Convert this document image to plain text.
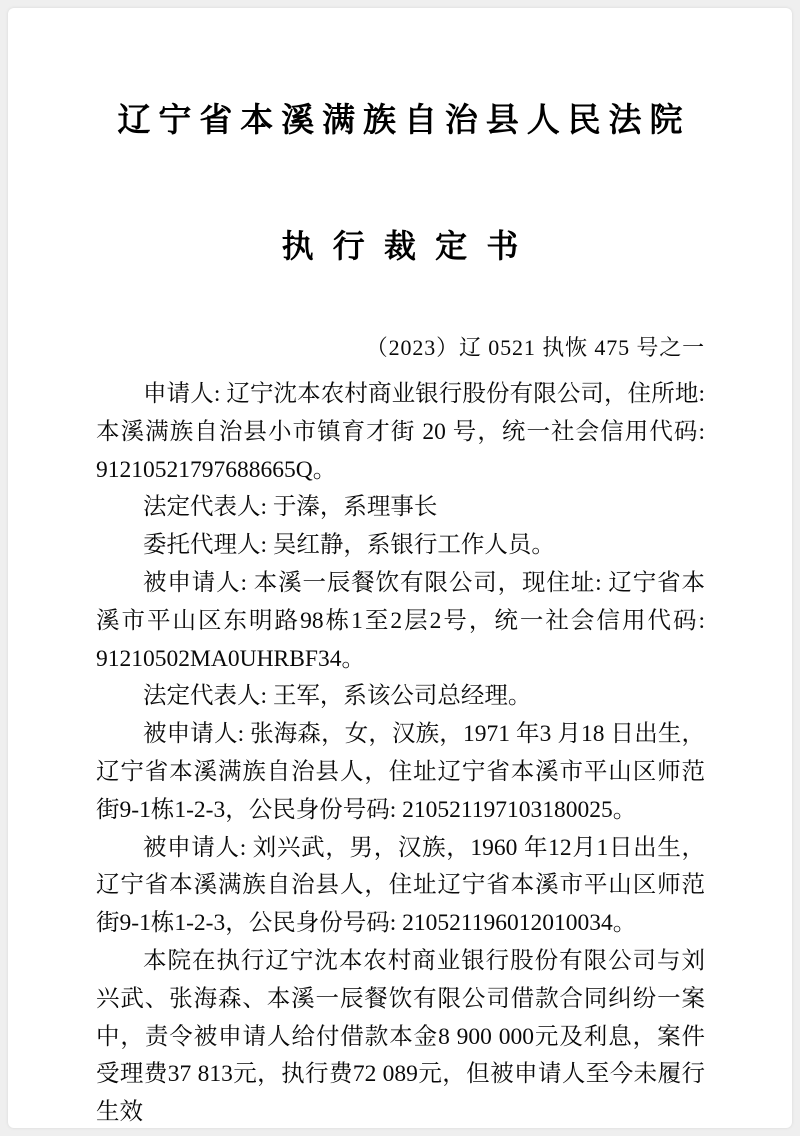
辽宁省本溪满族自治县人民法院
执行裁定书
（2023）辽 0521 执恢 475 号之一

申请人: 辽宁沈本农村商业银行股份有限公司，住所地: 本溪满族自治县小市镇育才街 20 号，统一社会信用代码: 91210521797688665Q。

法定代表人: 于溱，系理事长

委托代理人: 吴红静，系银行工作人员。

被申请人: 本溪一辰餐饮有限公司，现住址: 辽宁省本溪市平山区东明路98栋1至2层2号，统一社会信用代码: 91210502MA0UHRBF34。

法定代表人: 王军，系该公司总经理。

被申请人: 张海森，女，汉族，1971 年3 月18 日出生，辽宁省本溪满族自治县人，住址辽宁省本溪市平山区师范街9-1栋1-2-3，公民身份号码: 210521197103180025。

被申请人: 刘兴武，男，汉族，1960 年12月1日出生，辽宁省本溪满族自治县人，住址辽宁省本溪市平山区师范街9-1栋1-2-3，公民身份号码: 210521196012010034。

本院在执行辽宁沈本农村商业银行股份有限公司与刘兴武、张海森、本溪一辰餐饮有限公司借款合同纠纷一案中，责令被申请人给付借款本金8 900 000元及利息，案件受理费37 813元，执行费72 089元，但被申请人至今未履行生效
